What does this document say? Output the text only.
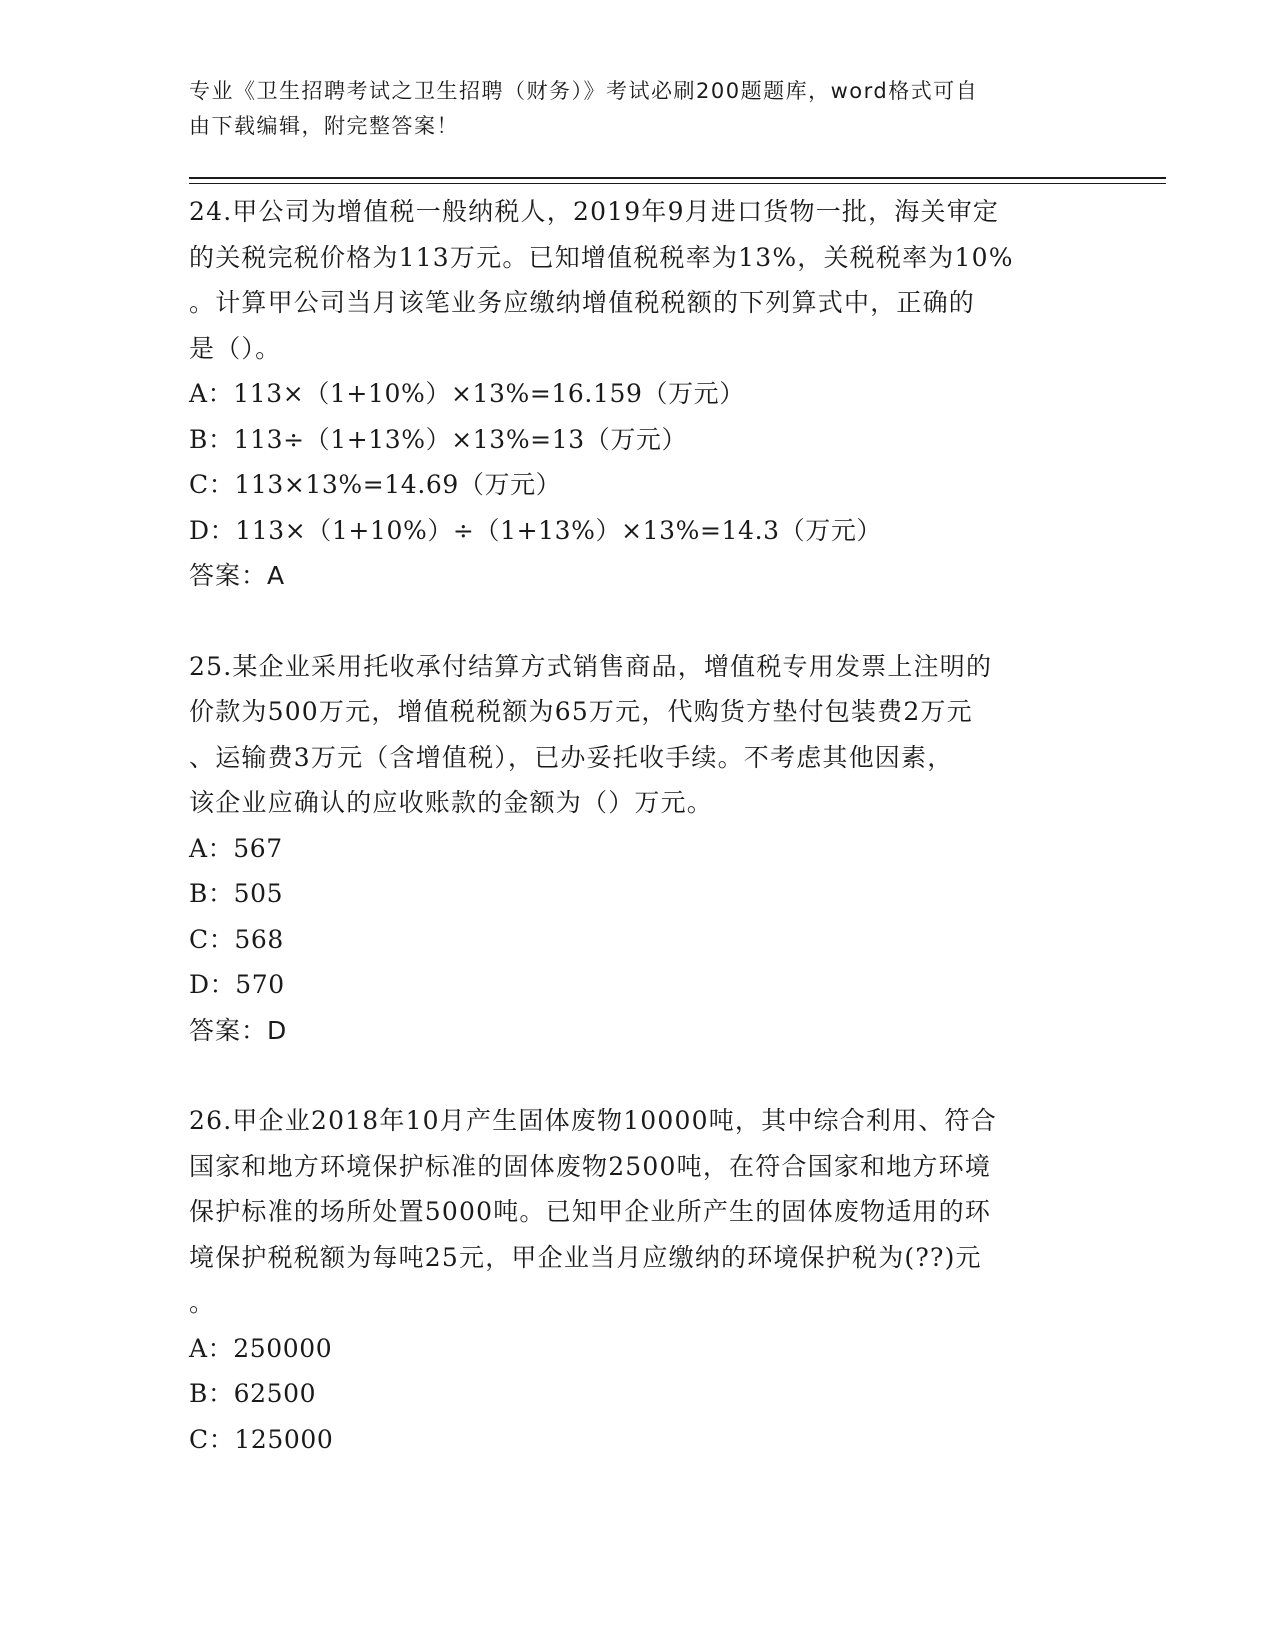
专业《卫生招聘考试之卫生招聘（财务）》考试必刷200题题库，word格式可自
由下载编辑，附完整答案！

24.甲公司为增值税一般纳税人，2019年9月进口货物一批，海关审定

的关税完税价格为113万元。已知增值税税率为13%，关税税率为10%

。计算甲公司当月该笔业务应缴纳增值税税额的下列算式中，正确的

是（）。

A：113×（1+10%）×13%=16.159（万元）

B：113÷（1+13%）×13%=13（万元）

C：113×13%=14.69（万元）

D：113×（1+10%）÷（1+13%）×13%=14.3（万元）

答案：A

25.某企业采用托收承付结算方式销售商品，增值税专用发票上注明的

价款为500万元，增值税税额为65万元，代购货方垫付包装费2万元

、运输费3万元（含增值税），已办妥托收手续。不考虑其他因素，

该企业应确认的应收账款的金额为（）万元。

A：567

B：505

C：568

D：570

答案：D

26.甲企业2018年10月产生固体废物10000吨，其中综合利用、符合

国家和地方环境保护标准的固体废物2500吨，在符合国家和地方环境

保护标准的场所处置5000吨。已知甲企业所产生的固体废物适用的环

境保护税税额为每吨25元，甲企业当月应缴纳的环境保护税为(??)元

。

A：250000

B：62500

C：125000
